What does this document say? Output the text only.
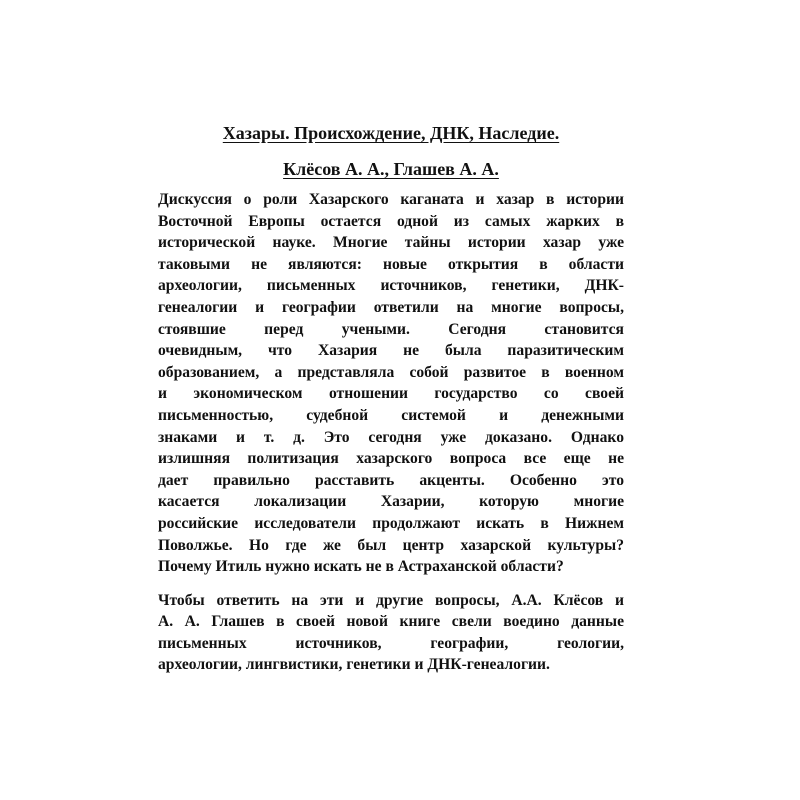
Хазары. Происхождение, ДНК, Наследие.
Клёсов А. А., Глашев А. А.

Дискуссия о роли Хазарского каганата и хазар в истории
Восточной Европы остается одной из самых жарких в
исторической науке. Многие тайны истории хазар уже
таковыми не являются: новые открытия в области
археологии, письменных источников, генетики, ДНК-
генеалогии и географии ответили на многие вопросы,
стоявшие перед учеными. Сегодня становится
очевидным, что Хазария не была паразитическим
образованием, а представляла собой развитое в военном
и экономическом отношении государство со своей
письменностью, судебной системой и денежными
знаками и т. д. Это сегодня уже доказано. Однако
излишняя политизация хазарского вопроса все еще не
дает правильно расставить акценты. Особенно это
касается локализации Хазарии, которую многие
российские исследователи продолжают искать в Нижнем
Поволжье. Но где же был центр хазарской культуры?
Почему Итиль нужно искать не в Астраханской области?

Чтобы ответить на эти и другие вопросы, А.А. Клёсов и
А. А. Глашев в своей новой книге свели воедино данные
письменных источников, географии, геологии,
археологии, лингвистики, генетики и ДНК-генеалогии.
